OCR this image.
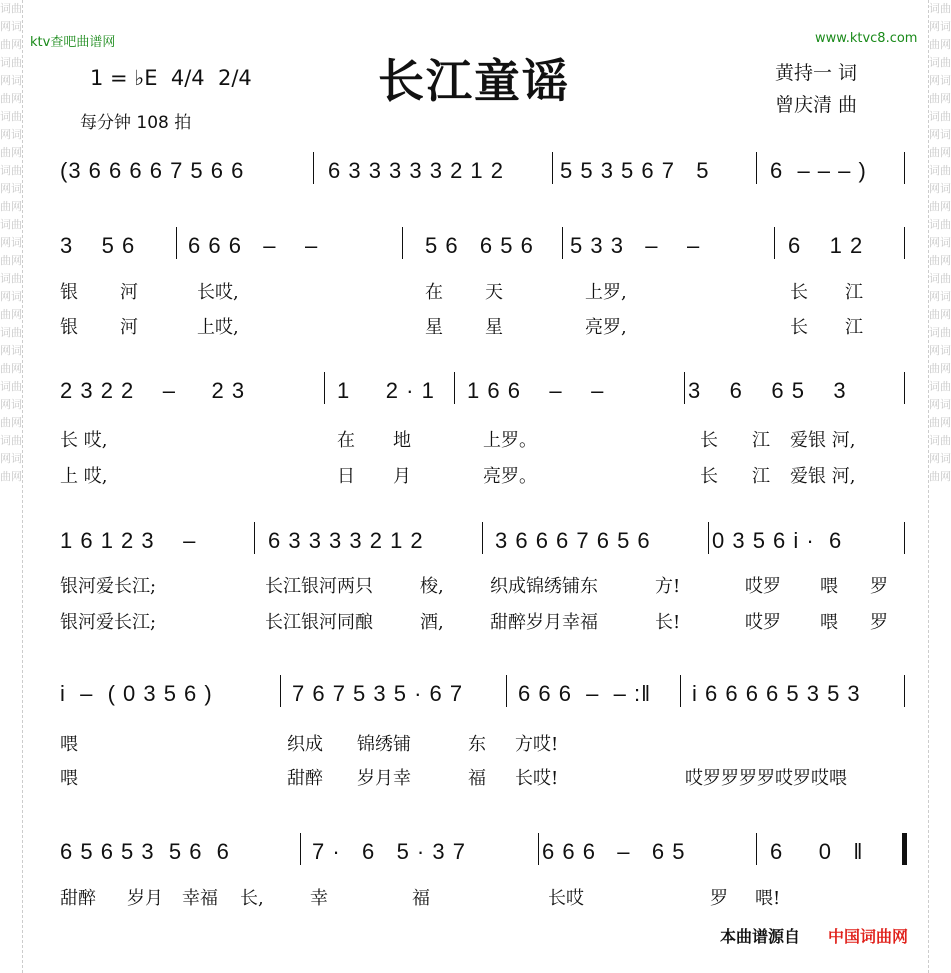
词曲网词曲网词曲网词曲网词曲网词曲网词曲网词曲网词曲网词曲网词曲网词曲网词曲网词曲网词曲网词曲网词曲网词曲网
词曲网词曲网词曲网词曲网词曲网词曲网词曲网词曲网词曲网词曲网词曲网词曲网词曲网词曲网词曲网词曲网词曲网词曲网
ktv查吧曲谱网	www.ktvc8.com
长江童谣
1 = ♭E  4/4  2/4
每分钟 108 拍
黄持一 词
曾庆清 曲
(3 6 6 6 6 7 5 6 6	6 3 3 3 3 3 2 1 2	5 5 3 5 6 7   5	6  – – – )
3    5 6 6 6 6   –    –	5 6   6 5 6 5 3 3   –    –	6    1 2
2 3 2 2    –     2 3	1     2 · 1 1 6 6    –    –	3    6    6 5    3
1 6 1 2 3    –	6 3 3 3 3 2 1 2	3 6 6 6 7 6 5 6	0 3 5 6 i ·  6
i  –  ( 0 3 5 6 )	7 6 7 5 3 5 · 6 7 6 6 6  –  – :‖ i 6 6 6 6 5 3 5 3
6 5 6 5 3  5 6  6	7 ·   6   5 · 3 7	6 6 6   –   6 5	6     0   ‖
银 河	长哎,	在 天	上罗,	长 江
银 河	上哎,	星 星	亮罗,	长 江
长 哎,	在 地	上罗。	长 江 爱银 河,
上 哎,	日 月	亮罗。	长 江 爱银 河,
银河爱长江;	长江银河两只	梭,	织成锦绣铺东	方!	哎罗 喂 罗
银河爱长江;	长江银河同酿	酒,	甜醉岁月幸福	长!	哎罗 喂 罗
喂	织成 锦绣铺	东 方哎!
喂	甜醉 岁月幸	福 长哎!	哎罗罗罗罗哎罗哎喂
甜醉 岁月 幸福 长,	幸	福	长哎	罗 喂!
本曲谱源自 中国词曲网
